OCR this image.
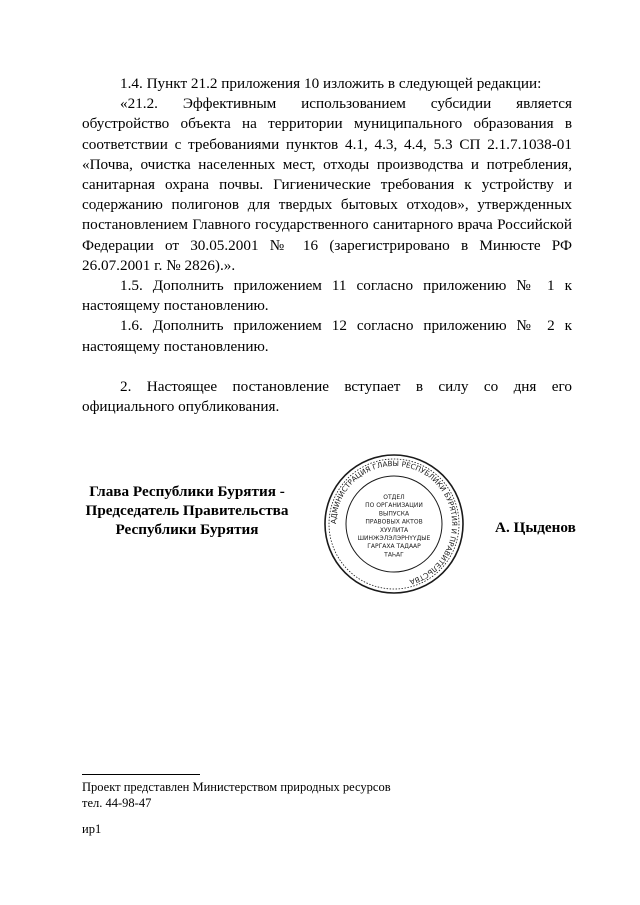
1.4. Пункт 21.2 приложения 10 изложить в следующей редакции:

«21.2. Эффективным использованием субсидии является обустройство объекта на территории муниципального образования в соответствии с требованиями пунктов 4.1, 4.3, 4.4, 5.3 СП 2.1.7.1038-01 «Почва, очистка населенных мест, отходы производства и потребления, санитарная охрана почвы. Гигиенические требования к устройству и содержанию полигонов для твердых бытовых отходов», утвержденных постановлением Главного государственного санитарного врача Российской Федерации от 30.05.2001 № 16 (зарегистрировано в Минюсте РФ 26.07.2001 г. № 2826).».

1.5. Дополнить приложением 11 согласно приложению № 1 к настоящему постановлению.

1.6. Дополнить приложением 12 согласно приложению № 2 к настоящему постановлению.

2. Настоящее постановление вступает в силу со дня его официального опубликования.

Глава Республики Бурятия -
Председатель Правительства
Республики Бурятия	АДМИНИСТРАЦИЯ ГЛАВЫ РЕСПУБЛИКИ БУРЯТИЯ И ПРАВИТЕЛЬСТВА
ОТДЕЛ
ПО ОРГАНИЗАЦИИ
ВЫПУСКА
ПРАВОВЫХ АКТОВ
ХУУЛИТА
ШИНЖЭЛЭЛЭРНҮҮДЫЕ
ГАРГАХА ТАДААР
ТАҺАГ
А. Цыденов
Проект представлен Министерством природных ресурсов
тел. 44-98-47
ир1
